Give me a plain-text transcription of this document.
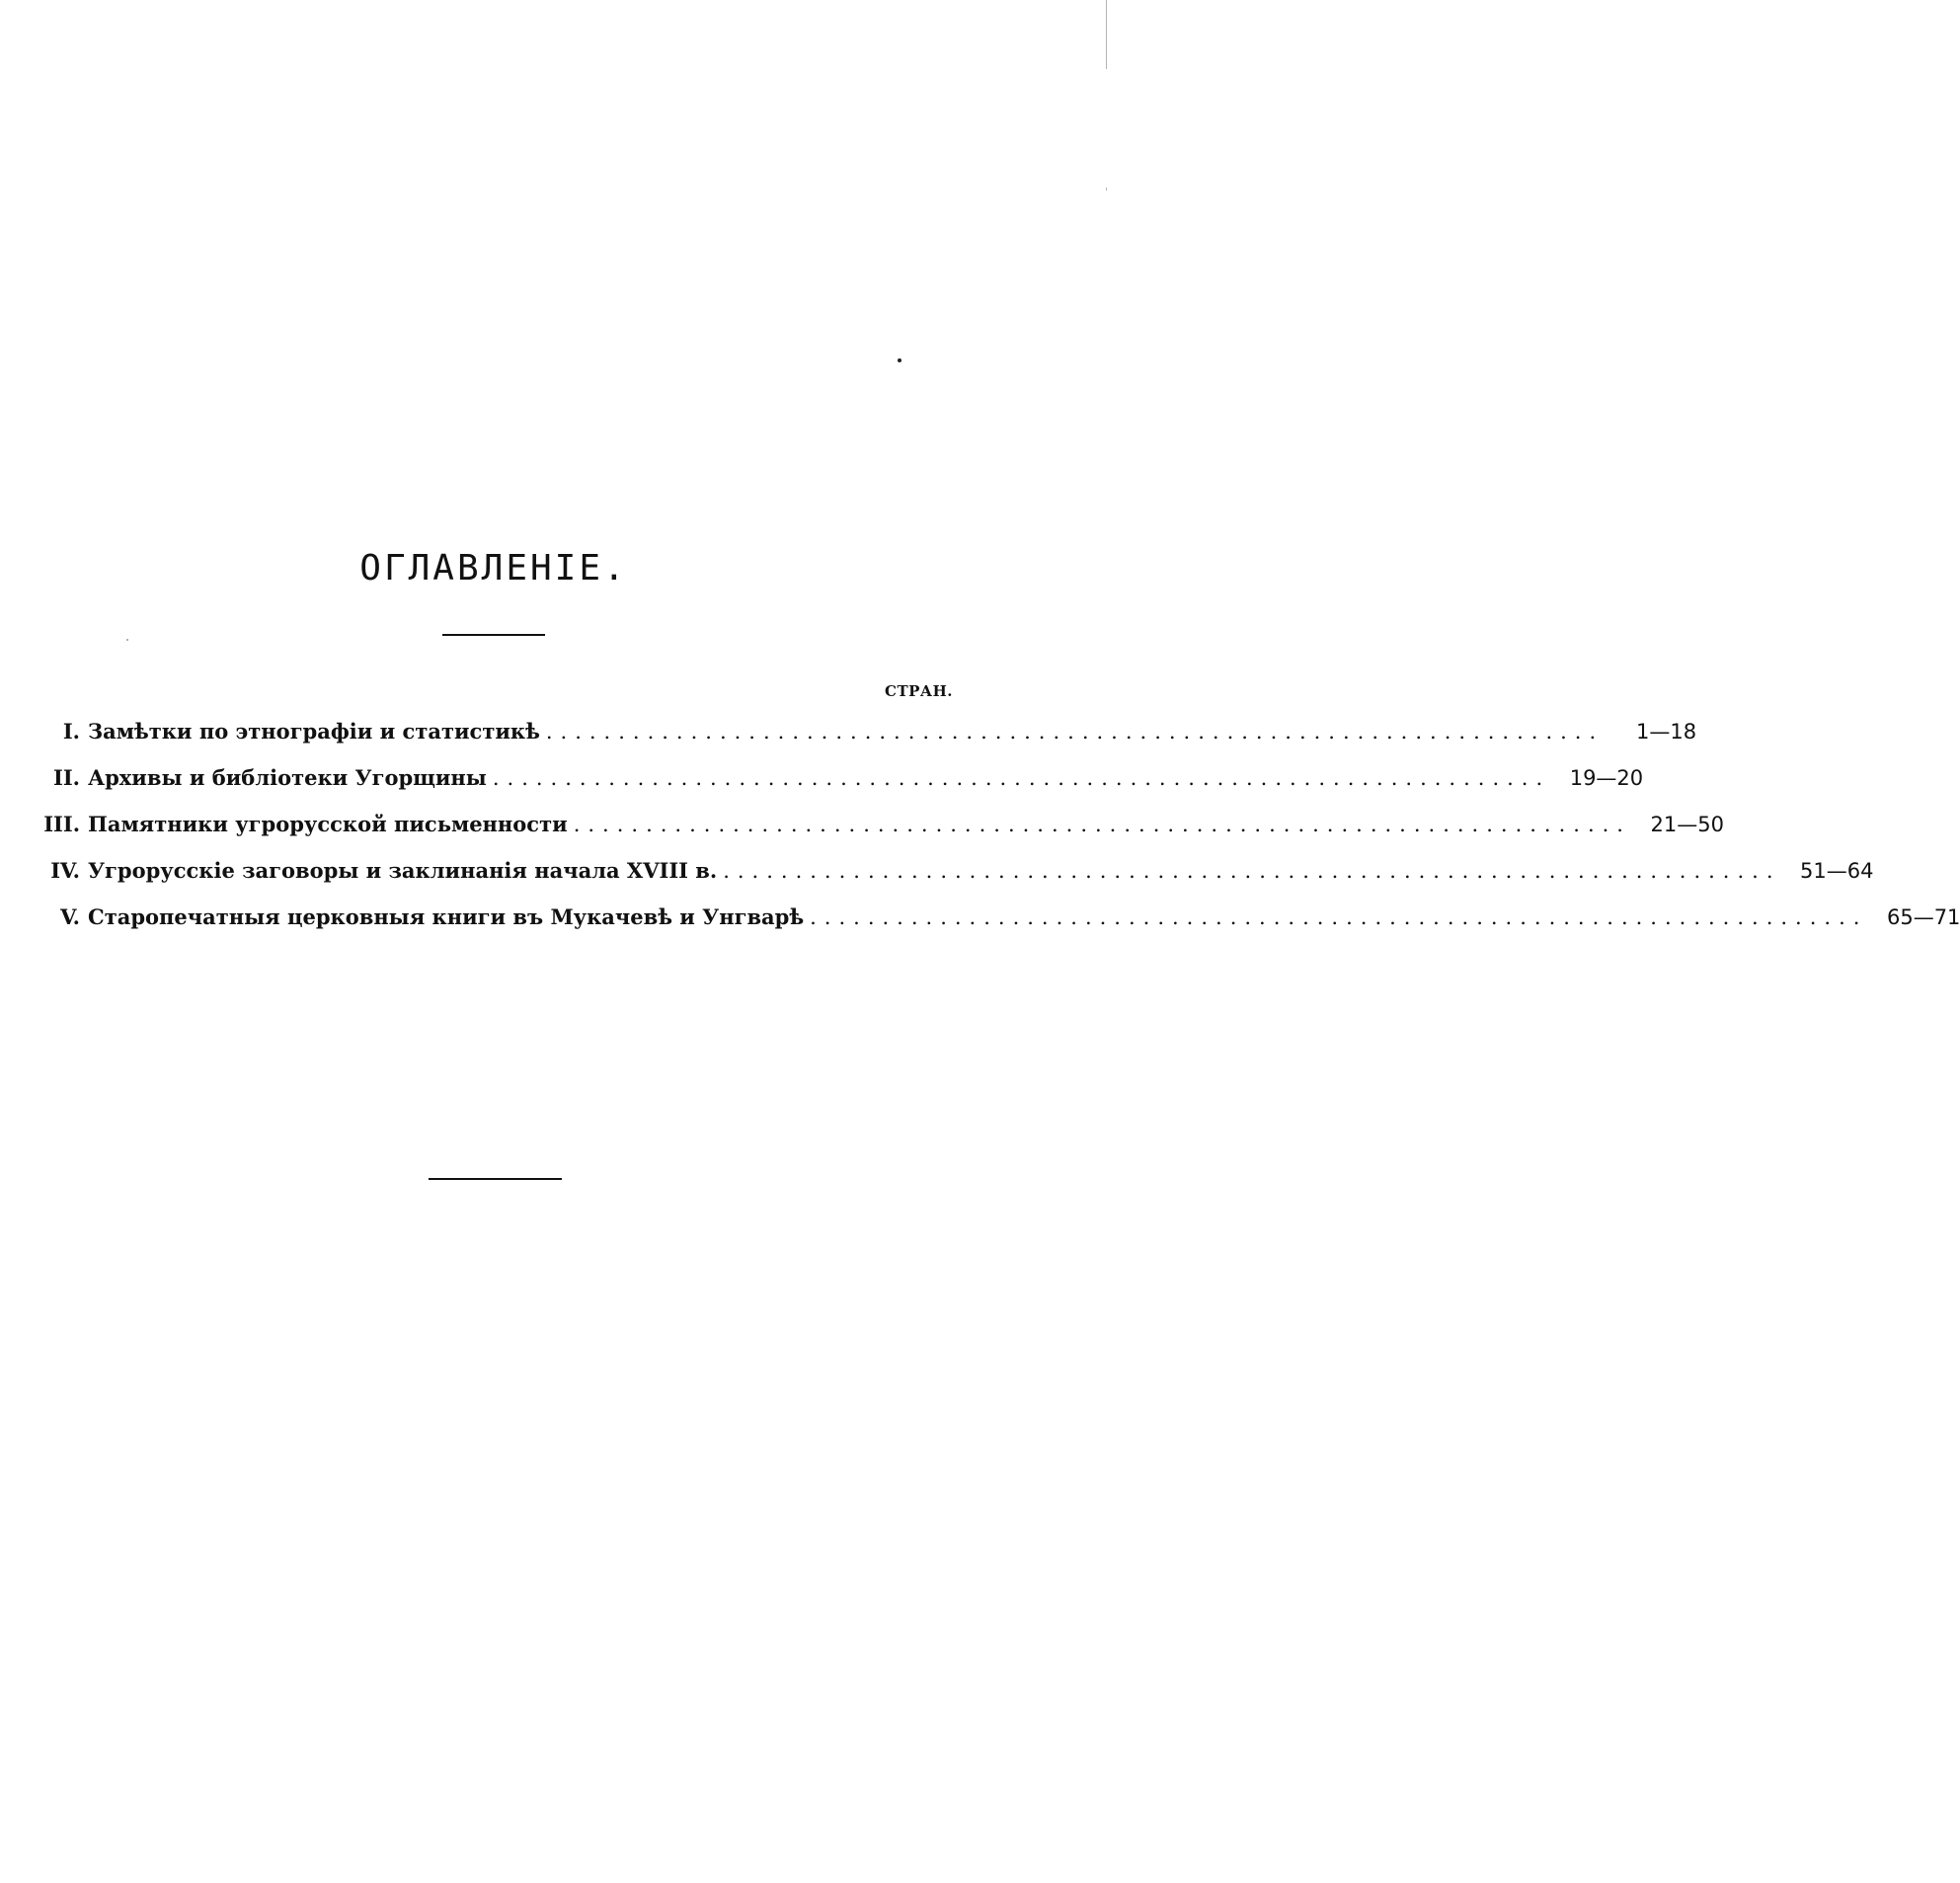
ОГЛАВЛЕНІЕ.
СТРАН.
I. Замѣтки по этнографіи и статистикѣ .........................................................................	1—18
II. Архивы и библіотеки Угорщины ......................................................................... 19—20
III. Памятники угрорусской письменности ......................................................................... 21—50
IV. Угрорусскіе заговоры и заклинанія начала XVIII в. ......................................................................... 51—64
V. Старопечатныя церковныя книги въ Мукачевѣ и Унгварѣ ......................................................................... 65—71
